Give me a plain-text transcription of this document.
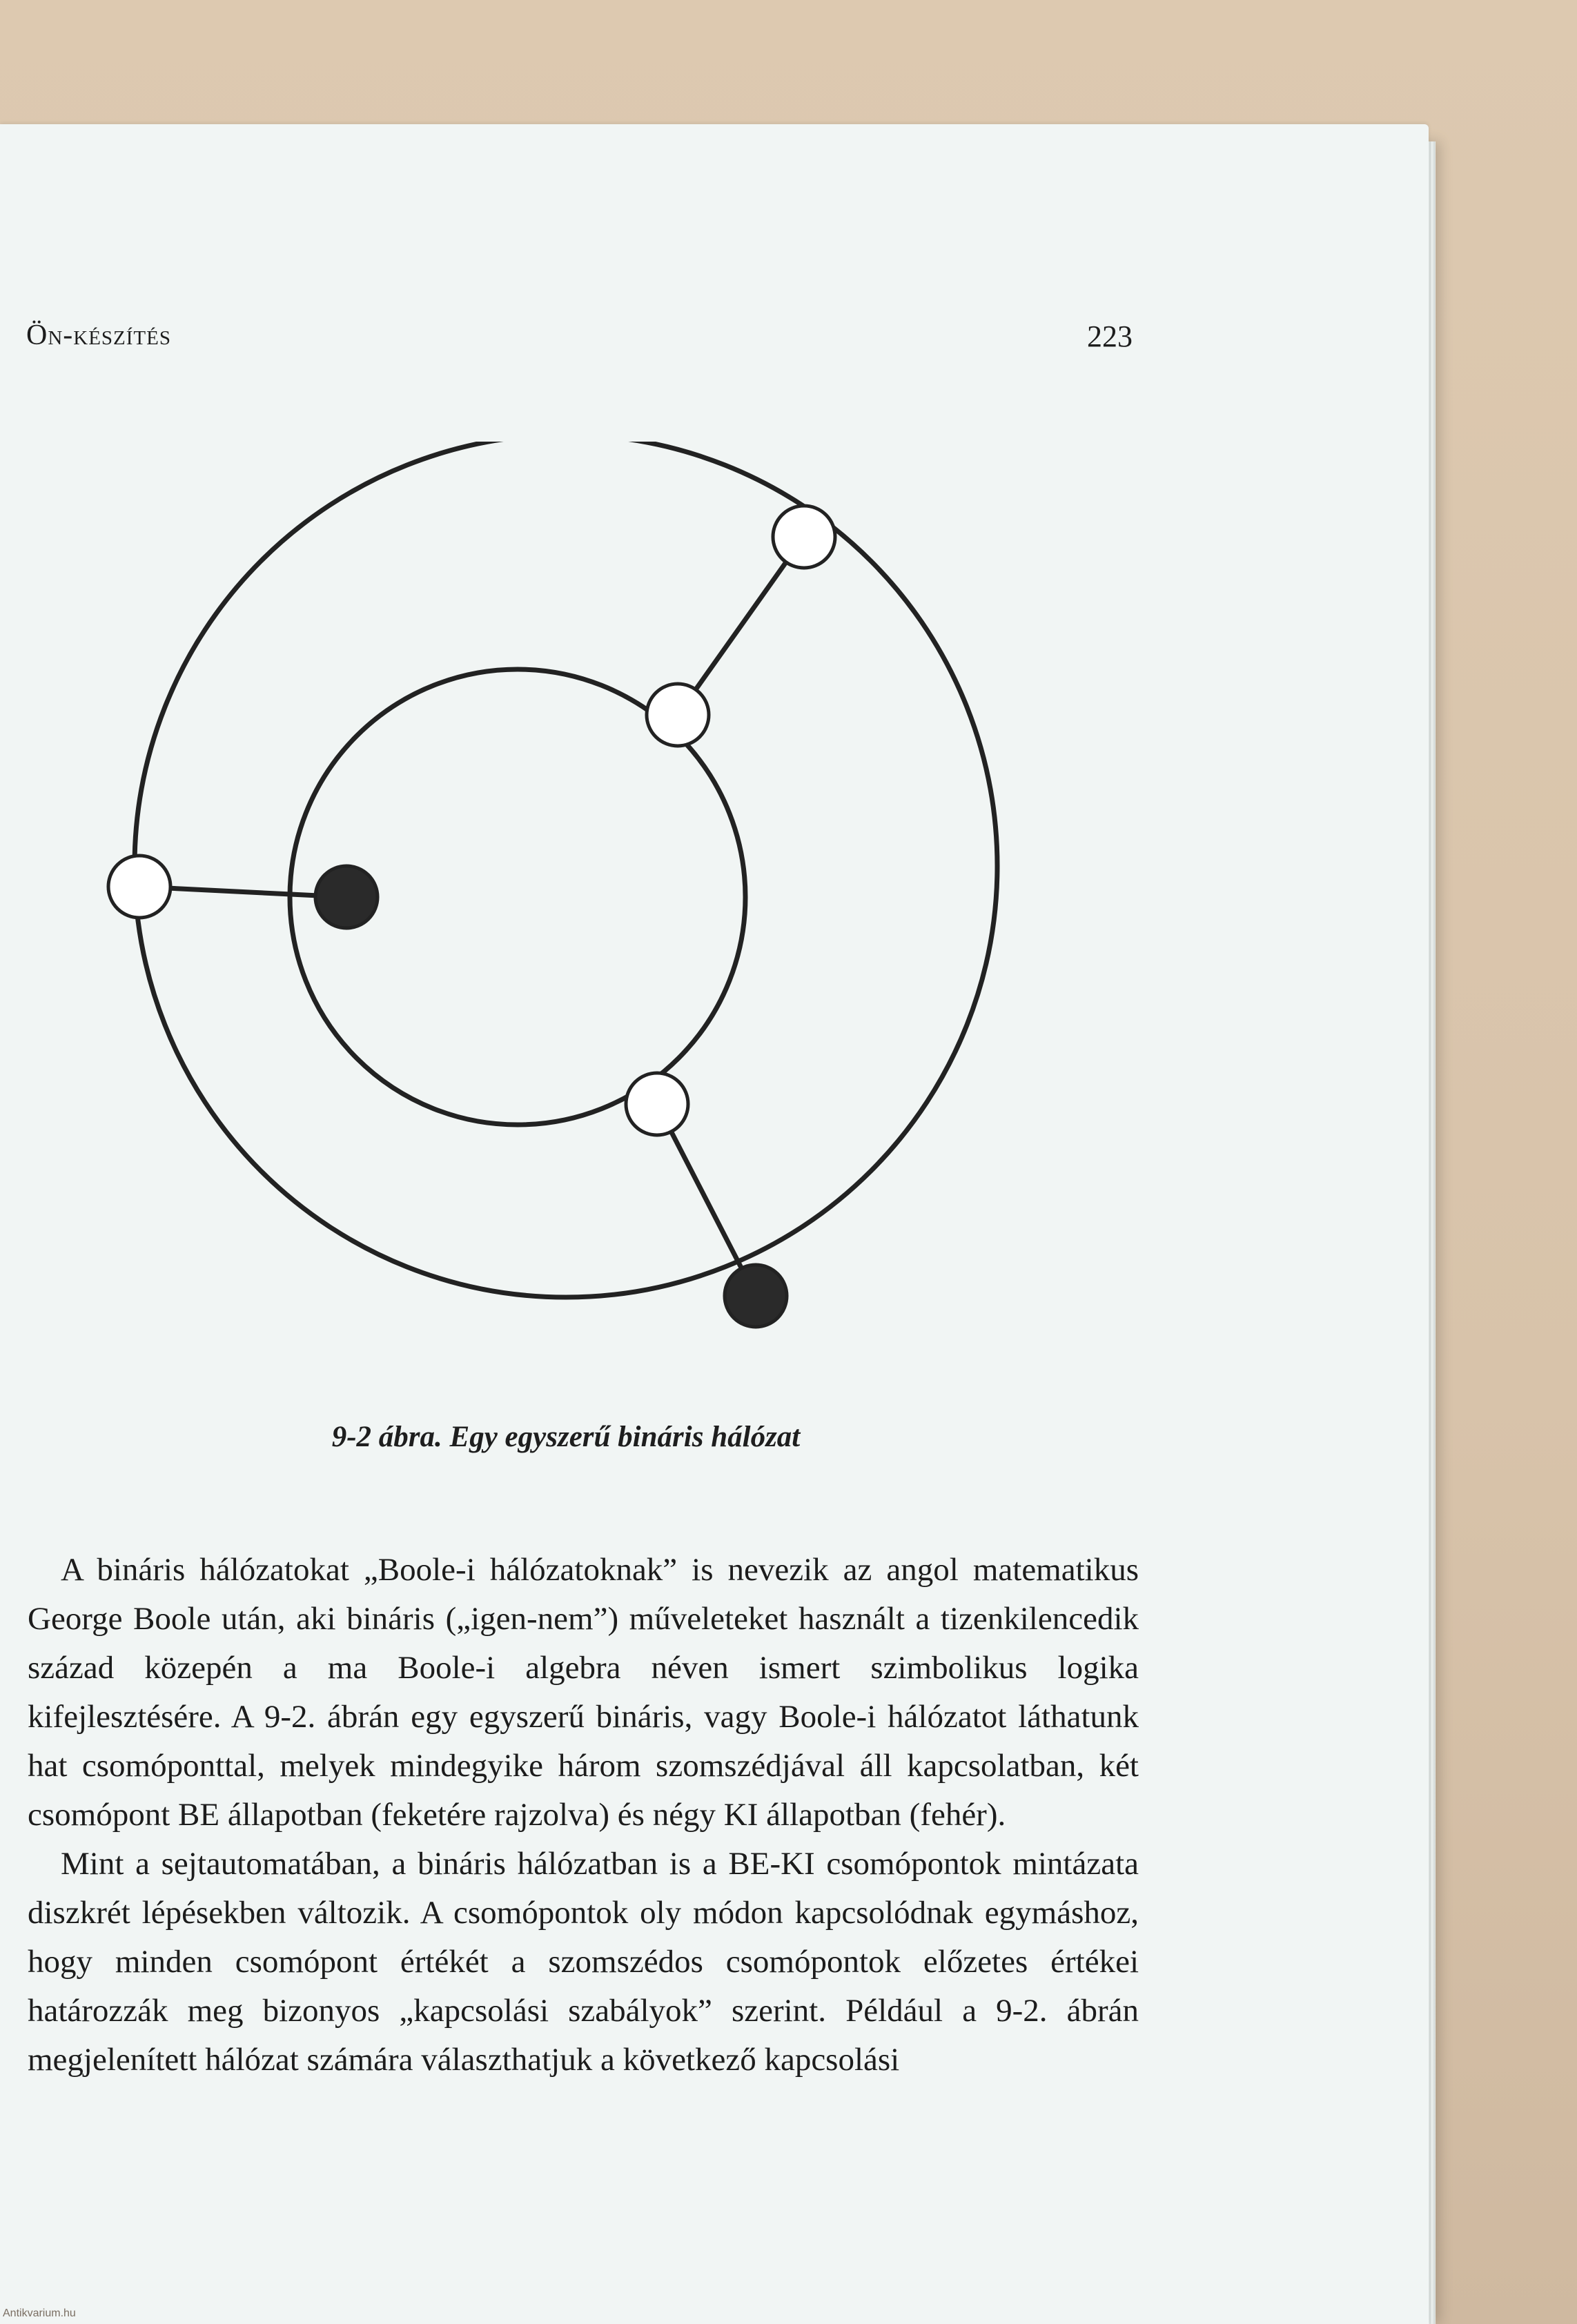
Ön-készítés	223
9-2 ábra. Egy egyszerű bináris hálózat

A bináris hálózatokat „Boole-i hálózatoknak” is nevezik az angol matematikus George Boole után, aki bináris („igen-nem”) műveleteket használt a tizenkilencedik század közepén a ma Boole-i algebra néven ismert szimbolikus logika kifejlesztésére. A 9-2. ábrán egy egyszerű bináris, vagy Boole-i hálózatot láthatunk hat csomóponttal, melyek mindegyike három szomszédjával áll kapcsolatban, két csomópont BE állapotban (feketére rajzolva) és négy KI állapotban (fehér).

Mint a sejtautomatában, a bináris hálózatban is a BE-KI csomópontok mintázata diszkrét lépésekben változik. A csomópontok oly módon kapcsolódnak egymáshoz, hogy minden csomópont értékét a szomszédos csomópontok előzetes értékei határozzák meg bizonyos „kapcsolási szabályok” szerint. Például a 9-2. ábrán megjelenített hálózat számára választhatjuk a következő kapcsolási

Antikvarium.hu
